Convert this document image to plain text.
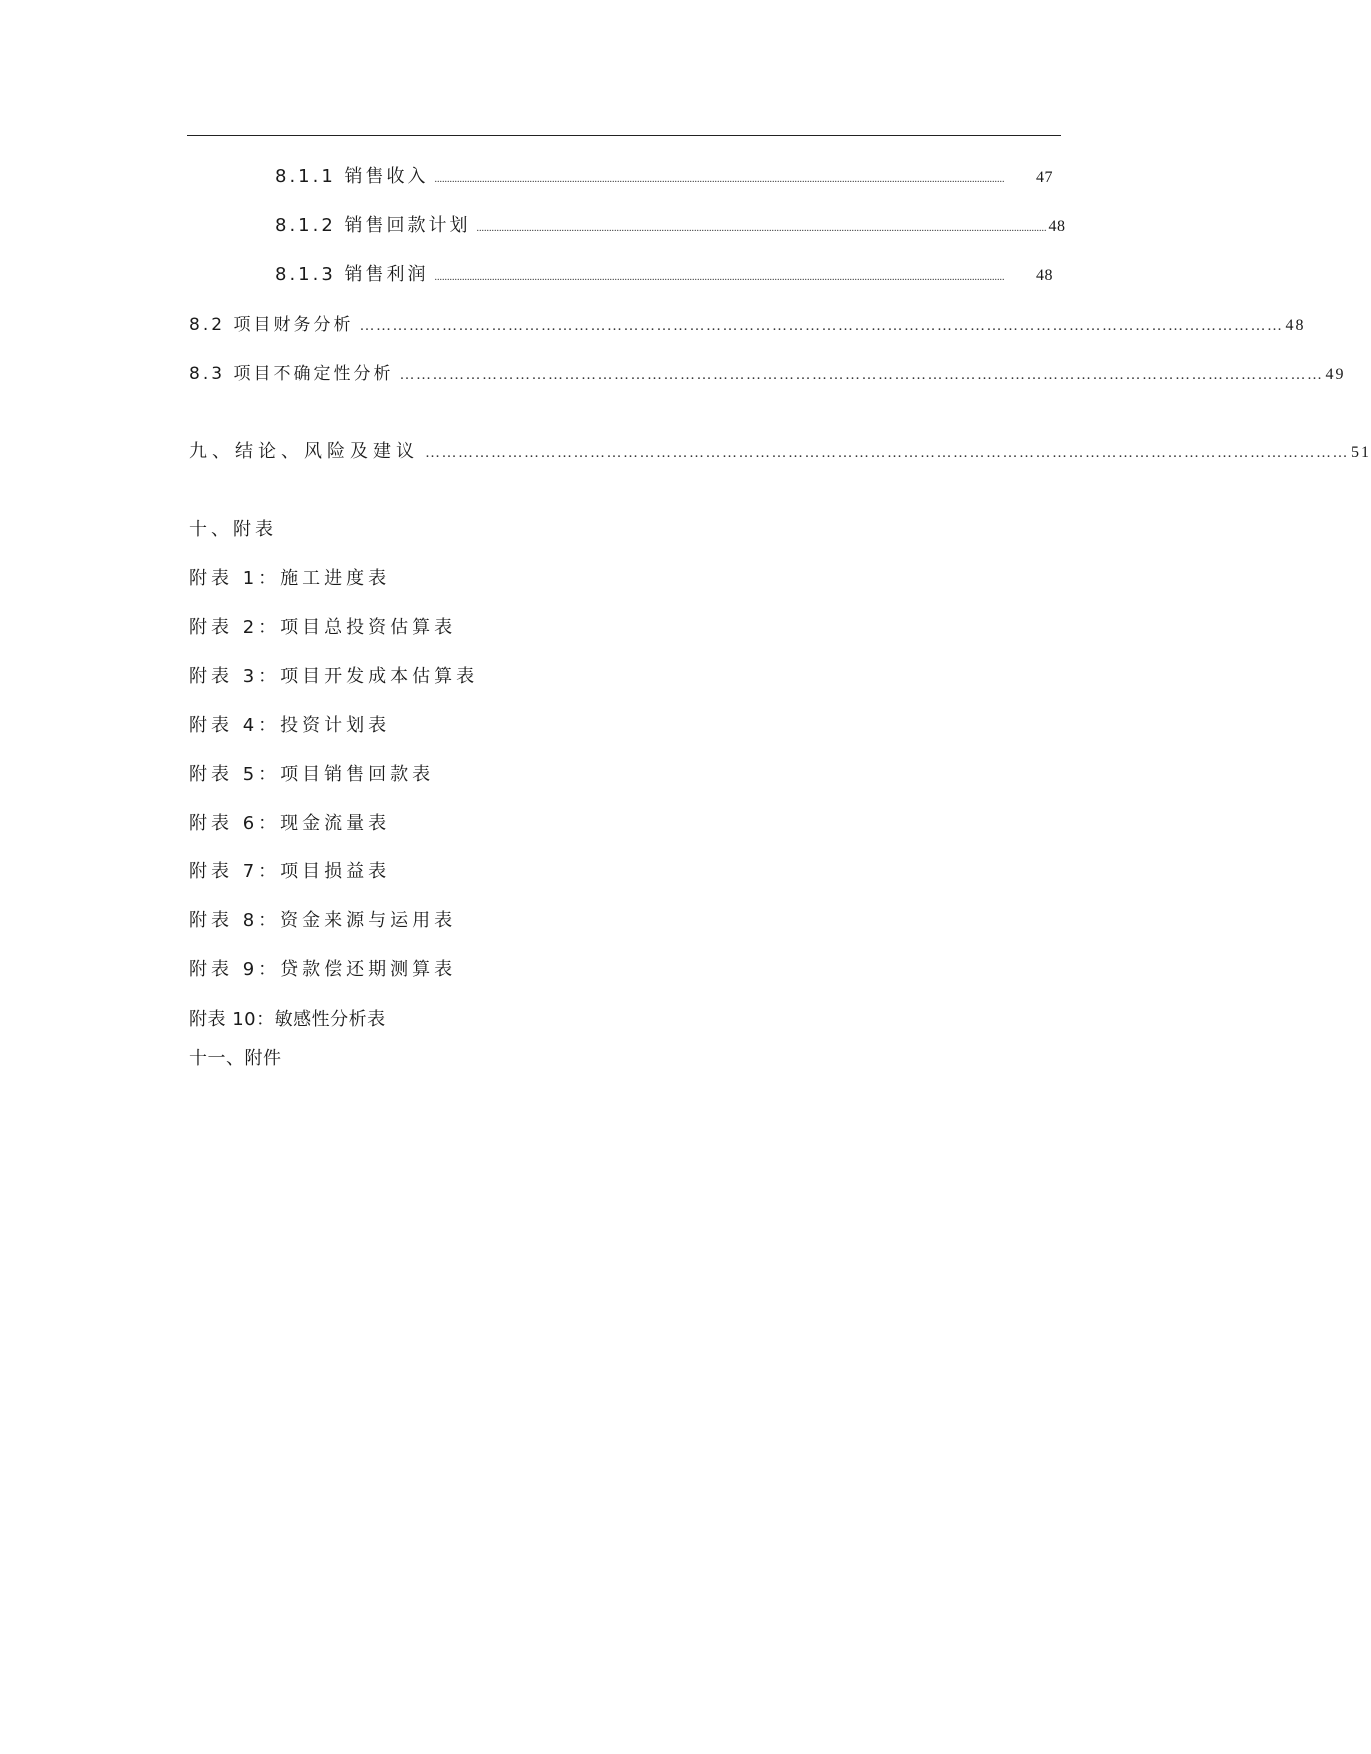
8.1.1 销售收入 ....................................................................................................................................................................................................................................	47
8.1.2 销售回款计划 .................................................................................................................................................................................................................................... 48
8.1.3 销售利润 ....................................................................................................................................................................................................................................	48
8.2 项目财务分析 …………………………………………………………………………………………………………………………………………………… 48
8.3 项目不确定性分析 …………………………………………………………………………………………………………………………………………………… 49
九、结论、风险及建议 …………………………………………………………………………………………………………………………………………………… 51
十、附表
附表 1：施工进度表
附表 2：项目总投资估算表
附表 3：项目开发成本估算表
附表 4：投资计划表
附表 5：项目销售回款表
附表 6：现金流量表
附表 7：项目损益表
附表 8：资金来源与运用表
附表 9：贷款偿还期测算表
附表 10：敏感性分析表
十一、附件
